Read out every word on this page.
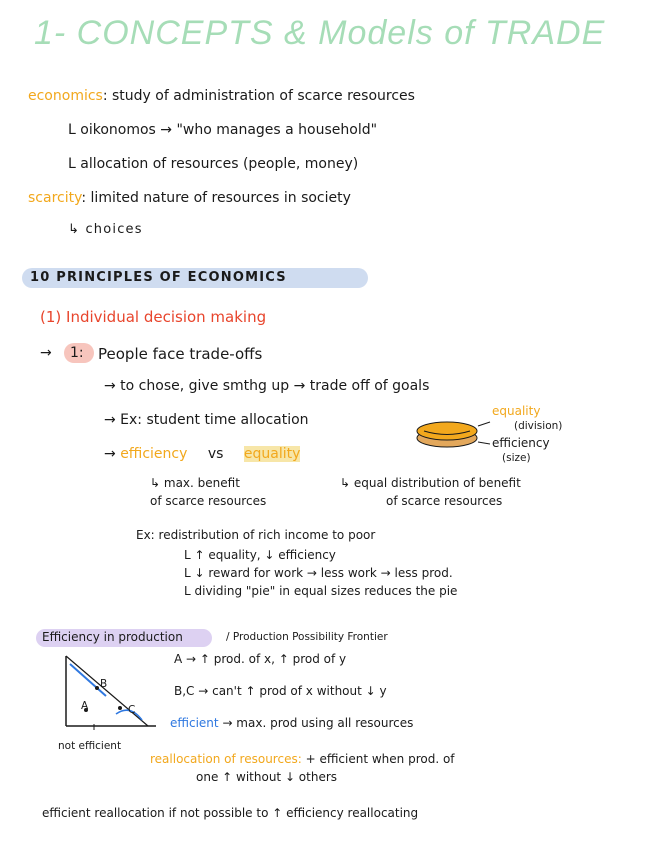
1- CONCEPTS & Models of TRADE
economics: study of administration of scarce resources
L oikonomos → "who manages a household"
L allocation of resources (people, money)
scarcity: limited nature of resources in society
↳ choices
10 PRINCIPLES OF ECONOMICS
(1) Individual decision making
→ 1: People face trade-offs
→ to chose, give smthg up → trade off of goals
→ Ex: student time allocation
→ efficiency vs equality
equality
(division)
efficiency
(size)
↳ max. benefit
of scarce resources
↳ equal distribution of benefit
of scarce resources
Ex: redistribution of rich income to poor
L ↑ equality, ↓ efficiency
L ↓ reward for work → less work → less prod.
L dividing "pie" in equal sizes reduces the pie
Efficiency in production	/ Production Possibility Frontier
A → ↑ prod. of x, ↑ prod of y
B,C → can't ↑ prod of x without ↓ y
A
B
C
efficient → max. prod using all resources
not efficient
reallocation of resources: + efficient when prod. of
one ↑ without ↓ others
efficient reallocation if not possible to ↑ efficiency reallocating
